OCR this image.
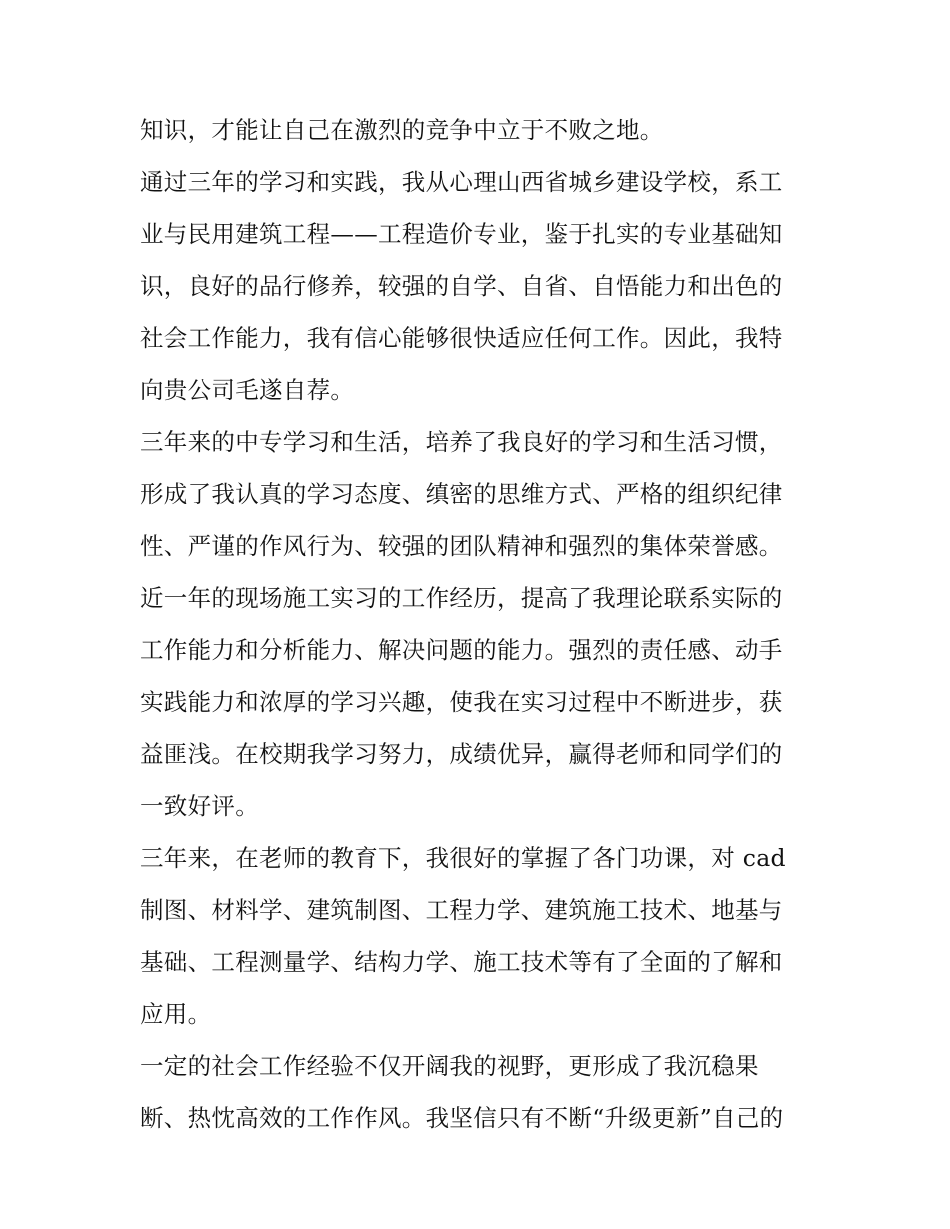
知识，才能让自己在激烈的竞争中立于不败之地。
通过三年的学习和实践，我从心理山西省城乡建设学校，系工
业与民用建筑工程——工程造价专业，鉴于扎实的专业基础知
识，良好的品行修养，较强的自学、自省、自悟能力和出色的
社会工作能力，我有信心能够很快适应任何工作。因此，我特
向贵公司毛遂自荐。
三年来的中专学习和生活，培养了我良好的学习和生活习惯，
形成了我认真的学习态度、缜密的思维方式、严格的组织纪律
性、严谨的作风行为、较强的团队精神和强烈的集体荣誉感。
近一年的现场施工实习的工作经历，提高了我理论联系实际的
工作能力和分析能力、解决问题的能力。强烈的责任感、动手
实践能力和浓厚的学习兴趣，使我在实习过程中不断进步，获
益匪浅。在校期我学习努力，成绩优异，赢得老师和同学们的
一致好评。
三年来，在老师的教育下，我很好的掌握了各门功课，对 cad
制图、材料学、建筑制图、工程力学、建筑施工技术、地基与
基础、工程测量学、结构力学、施工技术等有了全面的了解和
应用。
一定的社会工作经验不仅开阔我的视野，更形成了我沉稳果
断、热忱高效的工作作风。我坚信只有不断“升级更新”自己的
